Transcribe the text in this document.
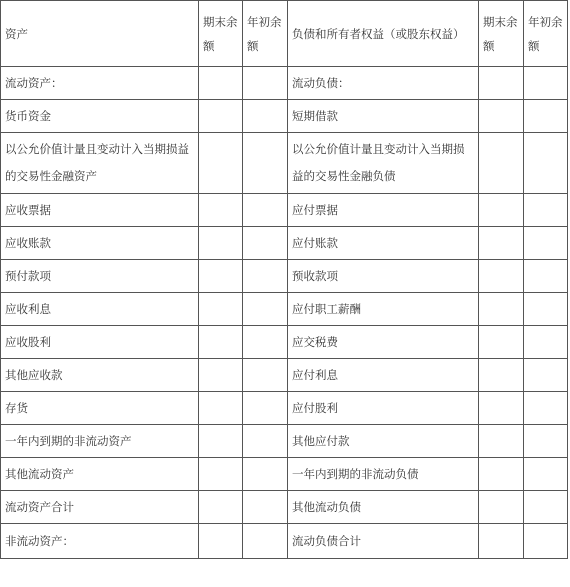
资产	期末余额	年初余额	负债和所有者权益（或股东权益）	期末余额	年初余额
流动资产：			流动负债：		
货币资金			短期借款		
以公允价值计量且变动计入当期损益的交易性金融资产			以公允价值计量且变动计入当期损益的交易性金融负债		
应收票据			应付票据		
应收账款			应付账款		
预付款项			预收款项		
应收利息			应付职工薪酬		
应收股利			应交税费		
其他应收款			应付利息		
存货			应付股利		
一年内到期的非流动资产			其他应付款		
其他流动资产			一年内到期的非流动负债		
流动资产合计			其他流动负债		
非流动资产：			流动负债合计		
